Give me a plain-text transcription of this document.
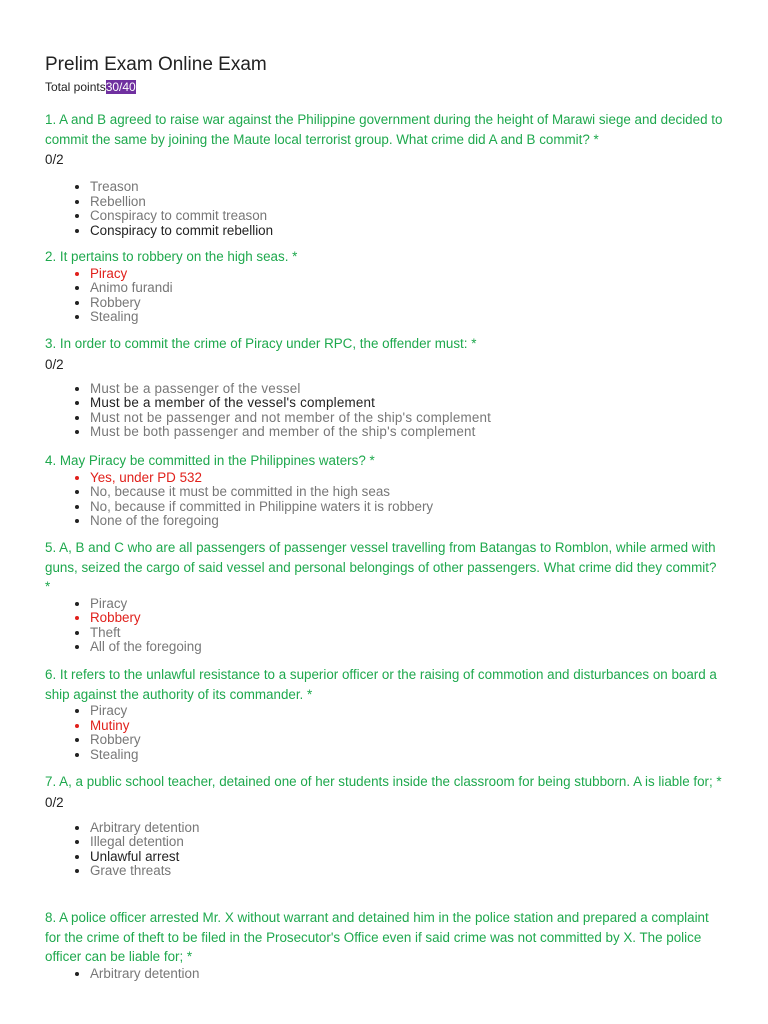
Prelim Exam Online Exam
Total points30/40

1. A and B agreed to raise war against the Philippine government during the height of Marawi siege and decided to commit the same by joining the Maute local terrorist group. What crime did A and B commit? *

0/2
• Treason
• Rebellion
• Conspiracy to commit treason
• Conspiracy to commit rebellion

2. It pertains to robbery on the high seas. *

• Piracy
• Animo furandi
• Robbery
• Stealing

3. In order to commit the crime of Piracy under RPC, the offender must: *

0/2
• Must be a passenger of the vessel
• Must be a member of the vessel's complement
• Must not be passenger and not member of the ship's complement
• Must be both passenger and member of the ship's complement

4. May Piracy be committed in the Philippines waters? *

• Yes, under PD 532
• No, because it must be committed in the high seas
• No, because if committed in Philippine waters it is robbery
• None of the foregoing

5. A, B and C who are all passengers of passenger vessel travelling from Batangas to Romblon, while armed with guns, seized the cargo of said vessel and personal belongings of other passengers. What crime did they commit? *

• Piracy
• Robbery
• Theft
• All of the foregoing

6. It refers to the unlawful resistance to a superior officer or the raising of commotion and disturbances on board a ship against the authority of its commander. *

• Piracy
• Mutiny
• Robbery
• Stealing

7. A, a public school teacher, detained one of her students inside the classroom for being stubborn. A is liable for; *

0/2
• Arbitrary detention
• Illegal detention
• Unlawful arrest
• Grave threats

8. A police officer arrested Mr. X without warrant and detained him in the police station and prepared a complaint for the crime of theft to be filed in the Prosecutor's Office even if said crime was not committed by X. The police officer can be liable for; *

• Arbitrary detention
